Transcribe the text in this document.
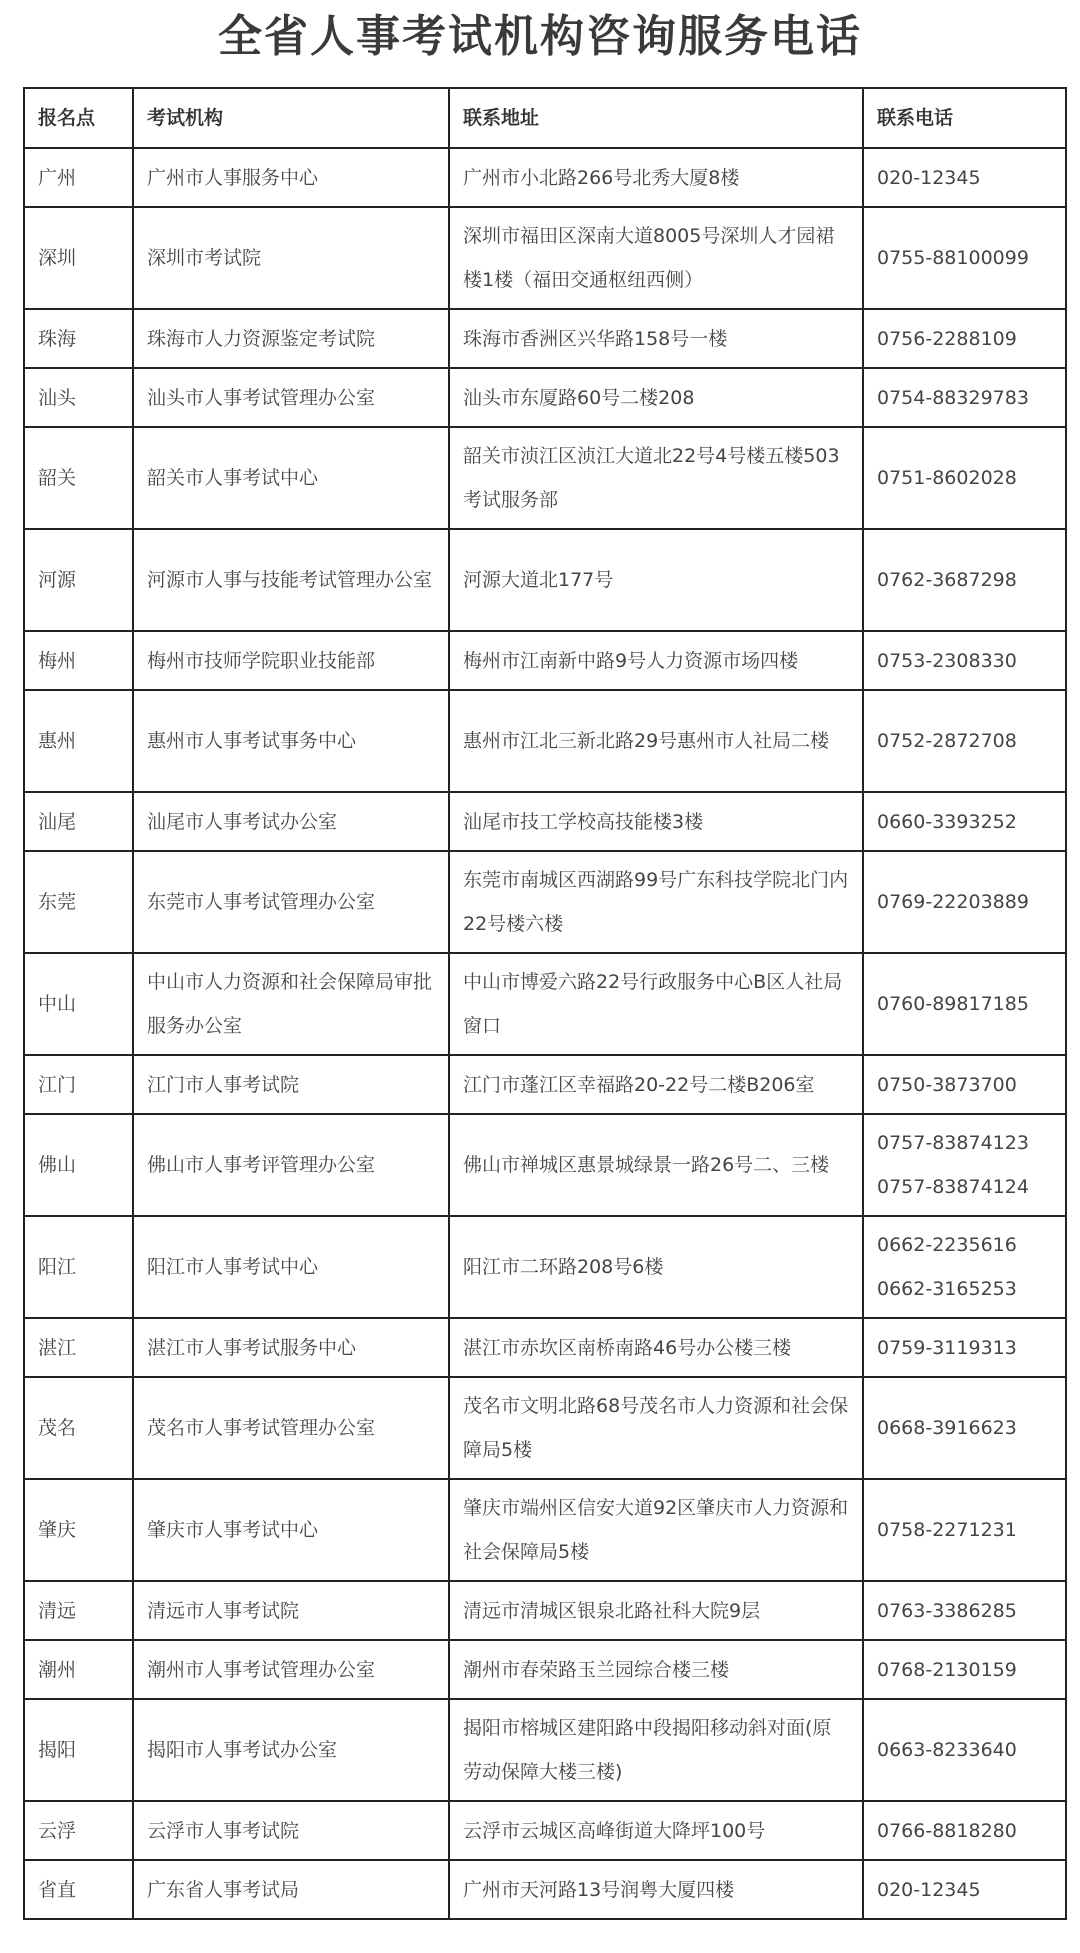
全省人事考试机构咨询服务电话
报名点	考试机构	联系地址	联系电话
广州	广州市人事服务中心	广州市小北路266号北秀大厦8楼	020-12345

深圳	深圳市考试院	深圳市福田区深南大道8005号深圳人才园裙楼1楼（福田交通枢纽西侧）	0755-88100099

珠海	珠海市人力资源鉴定考试院	珠海市香洲区兴华路158号一楼	0756-2288109

汕头	汕头市人事考试管理办公室	汕头市东厦路60号二楼208	0754-88329783

韶关	韶关市人事考试中心	韶关市浈江区浈江大道北22号4号楼五楼503考试服务部	0751-8602028

河源	河源市人事与技能考试管理办公室	河源大道北177号	0762-3687298

梅州	梅州市技师学院职业技能部	梅州市江南新中路9号人力资源市场四楼	0753-2308330

惠州	惠州市人事考试事务中心	惠州市江北三新北路29号惠州市人社局二楼	0752-2872708

汕尾	汕尾市人事考试办公室	汕尾市技工学校高技能楼3楼	0660-3393252

东莞	东莞市人事考试管理办公室	东莞市南城区西湖路99号广东科技学院北门内22号楼六楼	0769-22203889

中山	中山市人力资源和社会保障局审批服务办公室	中山市博爱六路22号行政服务中心B区人社局窗口	0760-89817185

江门	江门市人事考试院	江门市蓬江区幸福路20-22号二楼B206室	0750-3873700

佛山	佛山市人事考评管理办公室	佛山市禅城区惠景城绿景一路26号二、三楼	0757-83874123
0757-83874124

阳江	阳江市人事考试中心	阳江市二环路208号6楼	0662-2235616
0662-3165253

湛江	湛江市人事考试服务中心	湛江市赤坎区南桥南路46号办公楼三楼	0759-3119313

茂名	茂名市人事考试管理办公室	茂名市文明北路68号茂名市人力资源和社会保障局5楼	0668-3916623

肇庆	肇庆市人事考试中心	肇庆市端州区信安大道92区肇庆市人力资源和社会保障局5楼	0758-2271231

清远	清远市人事考试院	清远市清城区银泉北路社科大院9层	0763-3386285

潮州	潮州市人事考试管理办公室	潮州市春荣路玉兰园综合楼三楼	0768-2130159

揭阳	揭阳市人事考试办公室	揭阳市榕城区建阳路中段揭阳移动斜对面(原劳动保障大楼三楼)	0663-8233640

云浮	云浮市人事考试院	云浮市云城区高峰街道大降坪100号	0766-8818280

省直	广东省人事考试局	广州市天河路13号润粤大厦四楼	020-12345
